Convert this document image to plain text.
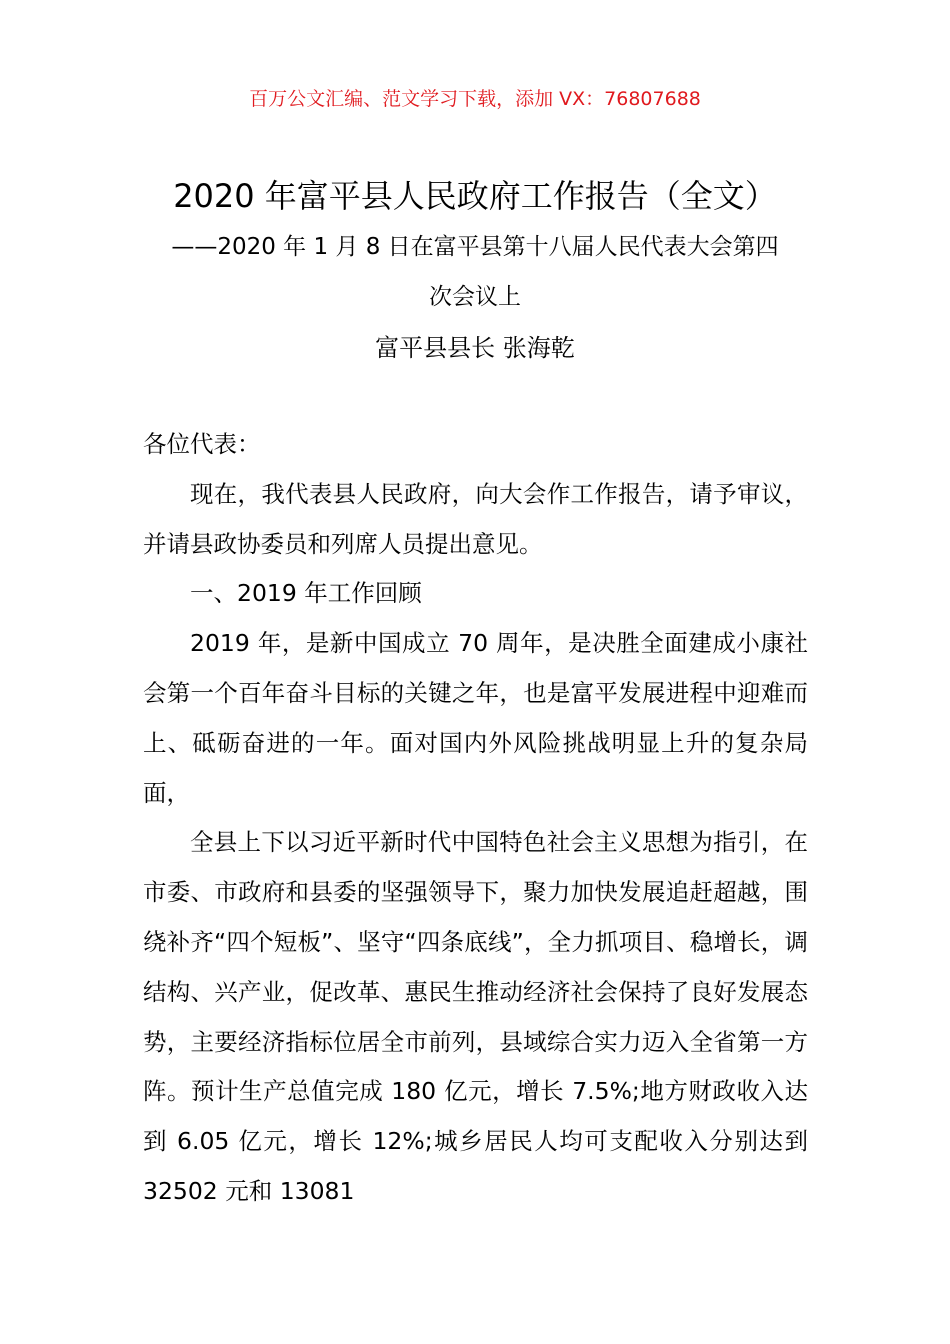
百万公文汇编、范文学习下载，添加 VX：76807688
2020 年富平县人民政府工作报告（全文）
——2020 年 1 月 8 日在富平县第十八届人民代表大会第四
次会议上
富平县县长 张海乾

各位代表：

现在，我代表县人民政府，向大会作工作报告，请予审议，并请县政协委员和列席人员提出意见。

一、2019 年工作回顾

2019 年，是新中国成立 70 周年，是决胜全面建成小康社会第一个百年奋斗目标的关键之年，也是富平发展进程中迎难而上、砥砺奋进的一年。面对国内外风险挑战明显上升的复杂局面，

全县上下以习近平新时代中国特色社会主义思想为指引，在市委、市政府和县委的坚强领导下，聚力加快发展追赶超越，围绕补齐“四个短板”、坚守“四条底线”，全力抓项目、稳增长，调结构、兴产业，促改革、惠民生推动经济社会保持了良好发展态势，主要经济指标位居全市前列，县域综合实力迈入全省第一方阵。预计生产总值完成 180 亿元，增长 7.5%;地方财政收入达到 6.05 亿元，增长 12%;城乡居民人均可支配收入分别达到 32502 元和 13081
